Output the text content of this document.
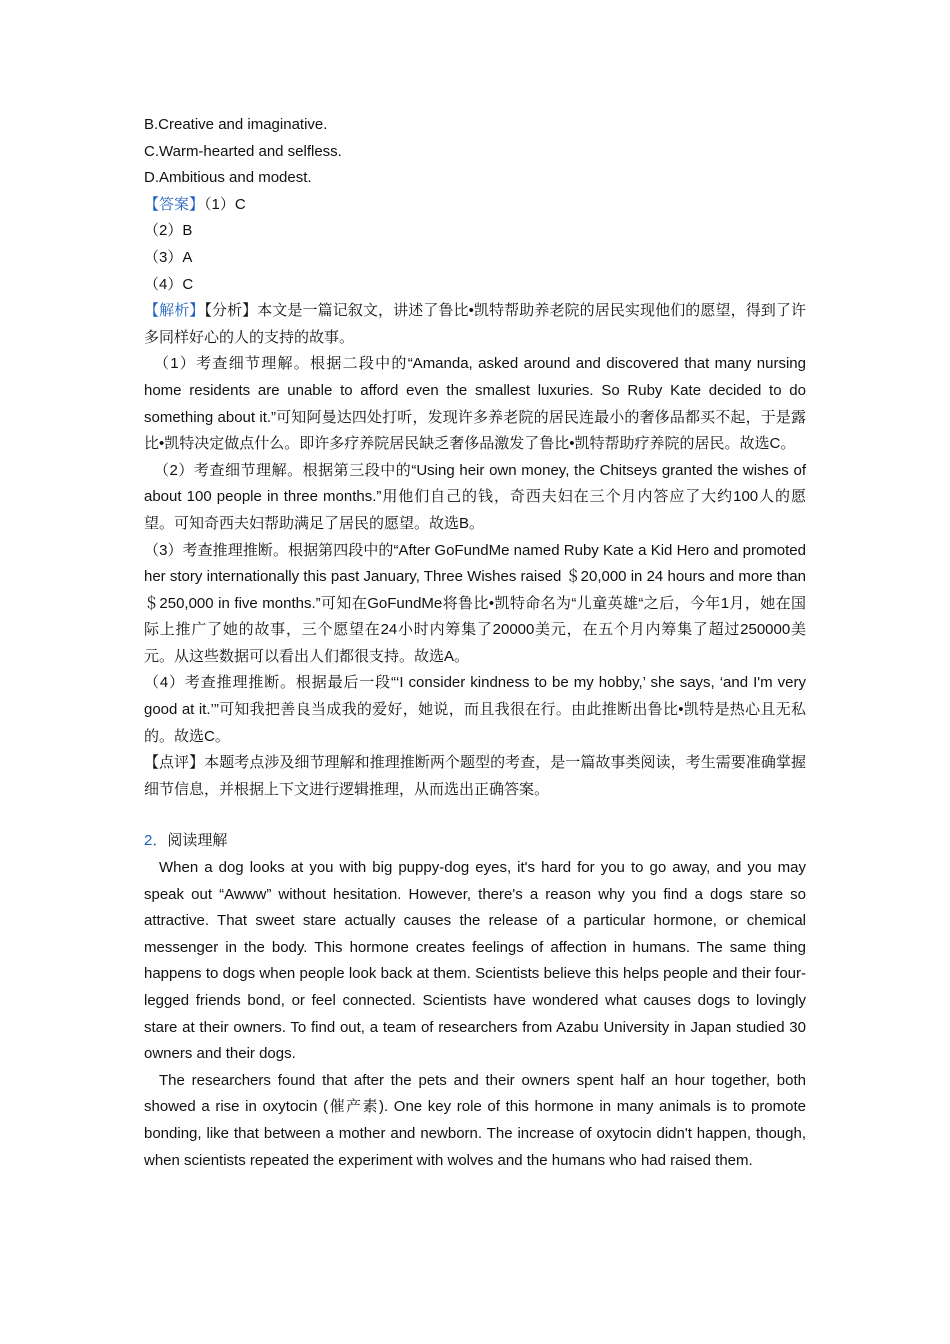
B.Creative and imaginative.

C.Warm-hearted and selfless.

D.Ambitious and modest.

【答案】（1）C

（2）B

（3）A

（4）C

【解析】【分析】本文是一篇记叙文，讲述了鲁比•凯特帮助养老院的居民实现他们的愿望，得到了许多同样好心的人的支持的故事。

（1）考查细节理解。根据二段中的“Amanda, asked around and discovered that many nursing home residents are unable to afford even the smallest luxuries. So Ruby Kate decided to do something about it.”可知阿曼达四处打听，发现许多养老院的居民连最小的奢侈品都买不起，于是露比•凯特决定做点什么。即许多疗养院居民缺乏奢侈品激发了鲁比•凯特帮助疗养院的居民。故选C。

（2）考查细节理解。根据第三段中的“Using heir own money, the Chitseys granted the wishes of about 100 people in three months.”用他们自己的钱，奇西夫妇在三个月内答应了大约100人的愿望。可知奇西夫妇帮助满足了居民的愿望。故选B。

（3）考查推理推断。根据第四段中的“After GoFundMe named Ruby Kate a Kid Hero and promoted her story internationally this past January, Three Wishes raised ＄20,000 in 24 hours and more than ＄250,000 in five months.”可知在GoFundMe将鲁比•凯特命名为“儿童英雄“之后，今年1月，她在国际上推广了她的故事，三个愿望在24小时内筹集了20000美元，在五个月内筹集了超过250000美元。从这些数据可以看出人们都很支持。故选A。

（4）考查推理推断。根据最后一段“‘I consider kindness to be my hobby,’ she says, ‘and I'm very good at it.’”可知我把善良当成我的爱好，她说，而且我很在行。由此推断出鲁比•凯特是热心且无私的。故选C。

【点评】本题考点涉及细节理解和推理推断两个题型的考查，是一篇故事类阅读，考生需要准确掌握细节信息，并根据上下文进行逻辑推理，从而选出正确答案。

2．阅读理解

When a dog looks at you with big puppy-dog eyes, it's hard for you to go away, and you may speak out “Awww” without hesitation. However, there's a reason why you find a dogs stare so attractive. That sweet stare actually causes the release of a particular hormone, or chemical messenger in the body. This hormone creates feelings of affection in humans. The same thing happens to dogs when people look back at them. Scientists believe this helps people and their four-legged friends bond, or feel connected. Scientists have wondered what causes dogs to lovingly stare at their owners. To find out, a team of researchers from Azabu University in Japan studied 30 owners and their dogs.

The researchers found that after the pets and their owners spent half an hour together, both showed a rise in oxytocin (催产素). One key role of this hormone in many animals is to promote bonding, like that between a mother and newborn. The increase of oxytocin didn't happen, though, when scientists repeated the experiment with wolves and the humans who had raised them.
